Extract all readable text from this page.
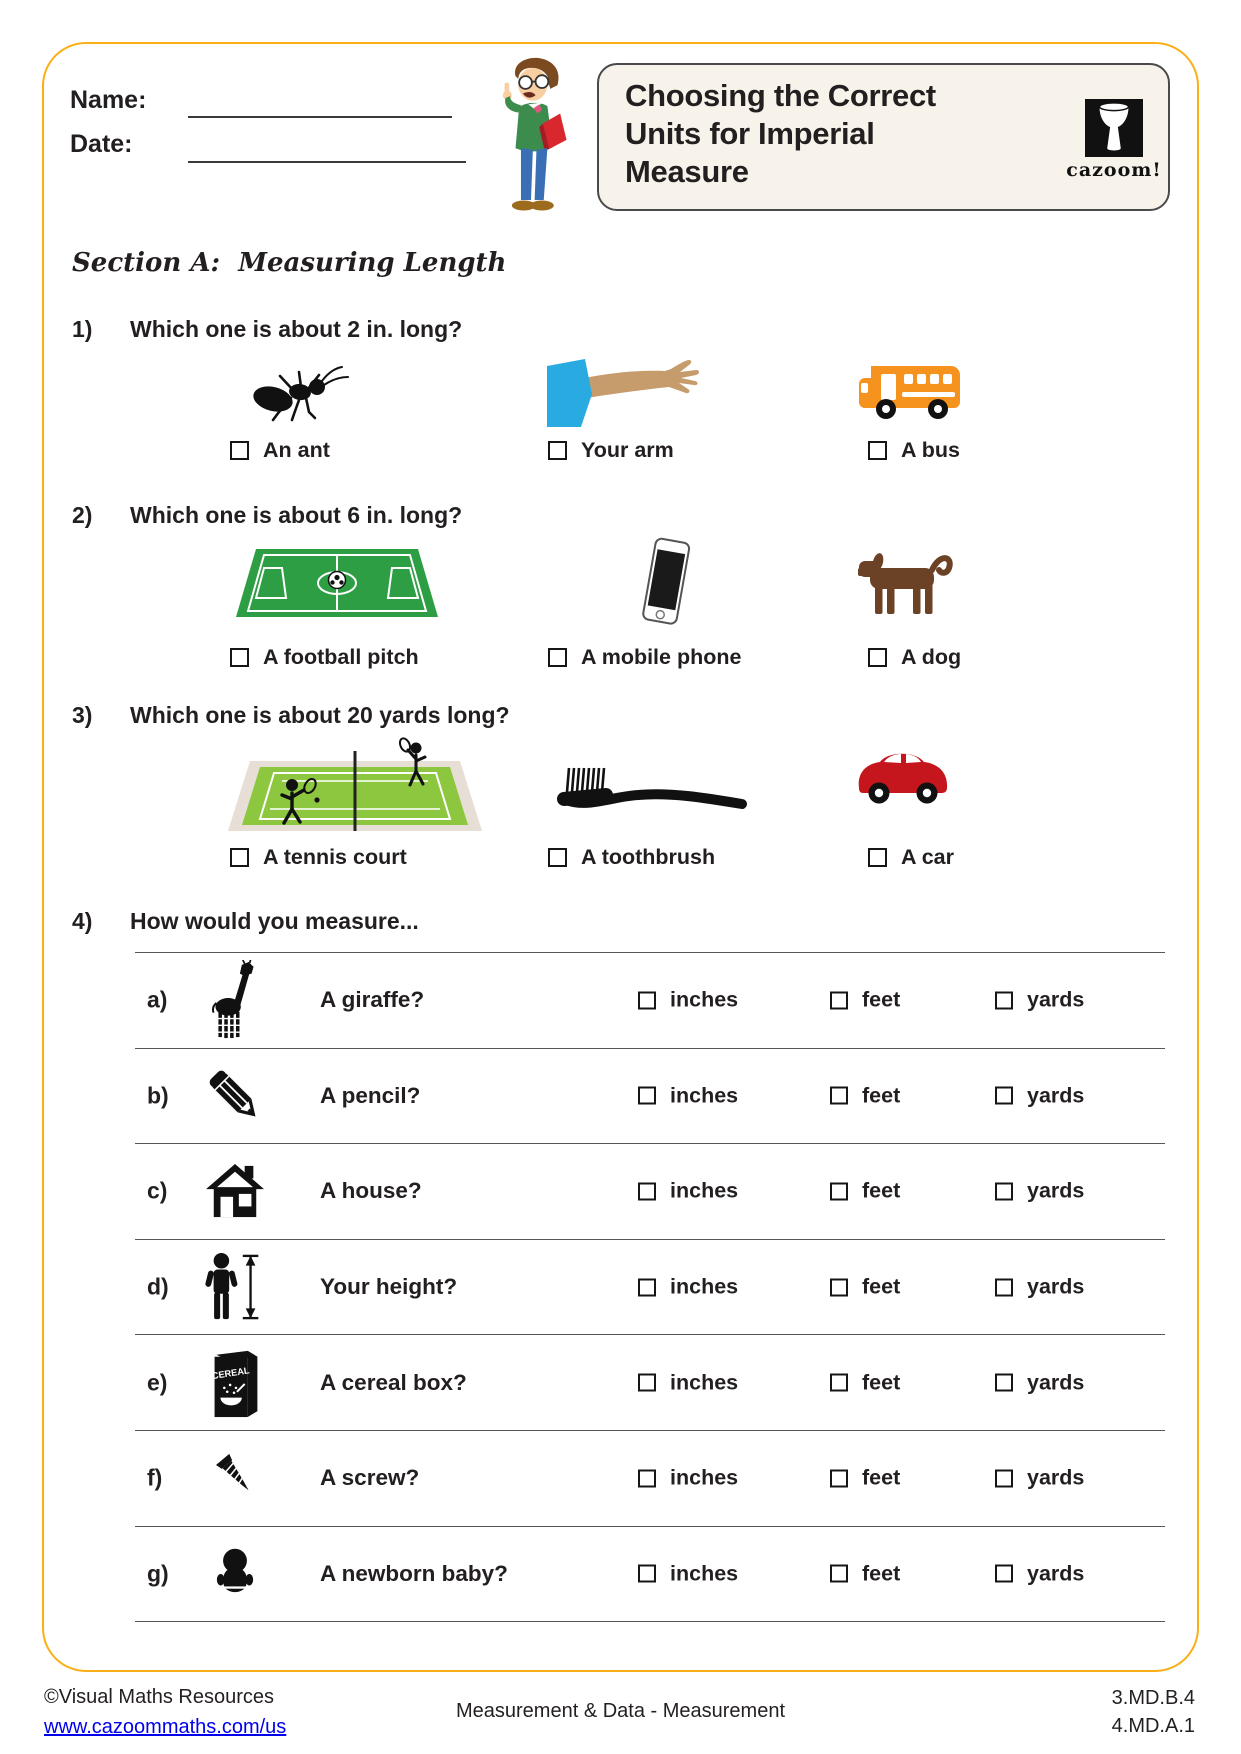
Name:
Date:
Choosing the Correct
Units for Imperial
Measure	cazoom!
Section A:  Measuring Length
1) Which one is about 2 in. long?
An ant	Your arm	A bus
2) Which one is about 6 in. long?
A football pitch	A mobile phone	A dog
3) Which one is about 20 yards long?
A tennis court	A toothbrush	A car
4) How would you measure...
a)	A giraffe?	inches	feet	yards
b)	A pencil?	inches	feet	yards
c)	A house?	inches	feet	yards
d)	Your height?	inches	feet	yards
e)	CEREAL	A cereal box?	inches	feet	yards
f)	A screw?	inches	feet	yards
g)	A newborn baby?	inches	feet	yards
©Visual Maths Resources
www.cazoommaths.com/us
Measurement & Data - Measurement
3.MD.B.4
4.MD.A.1
